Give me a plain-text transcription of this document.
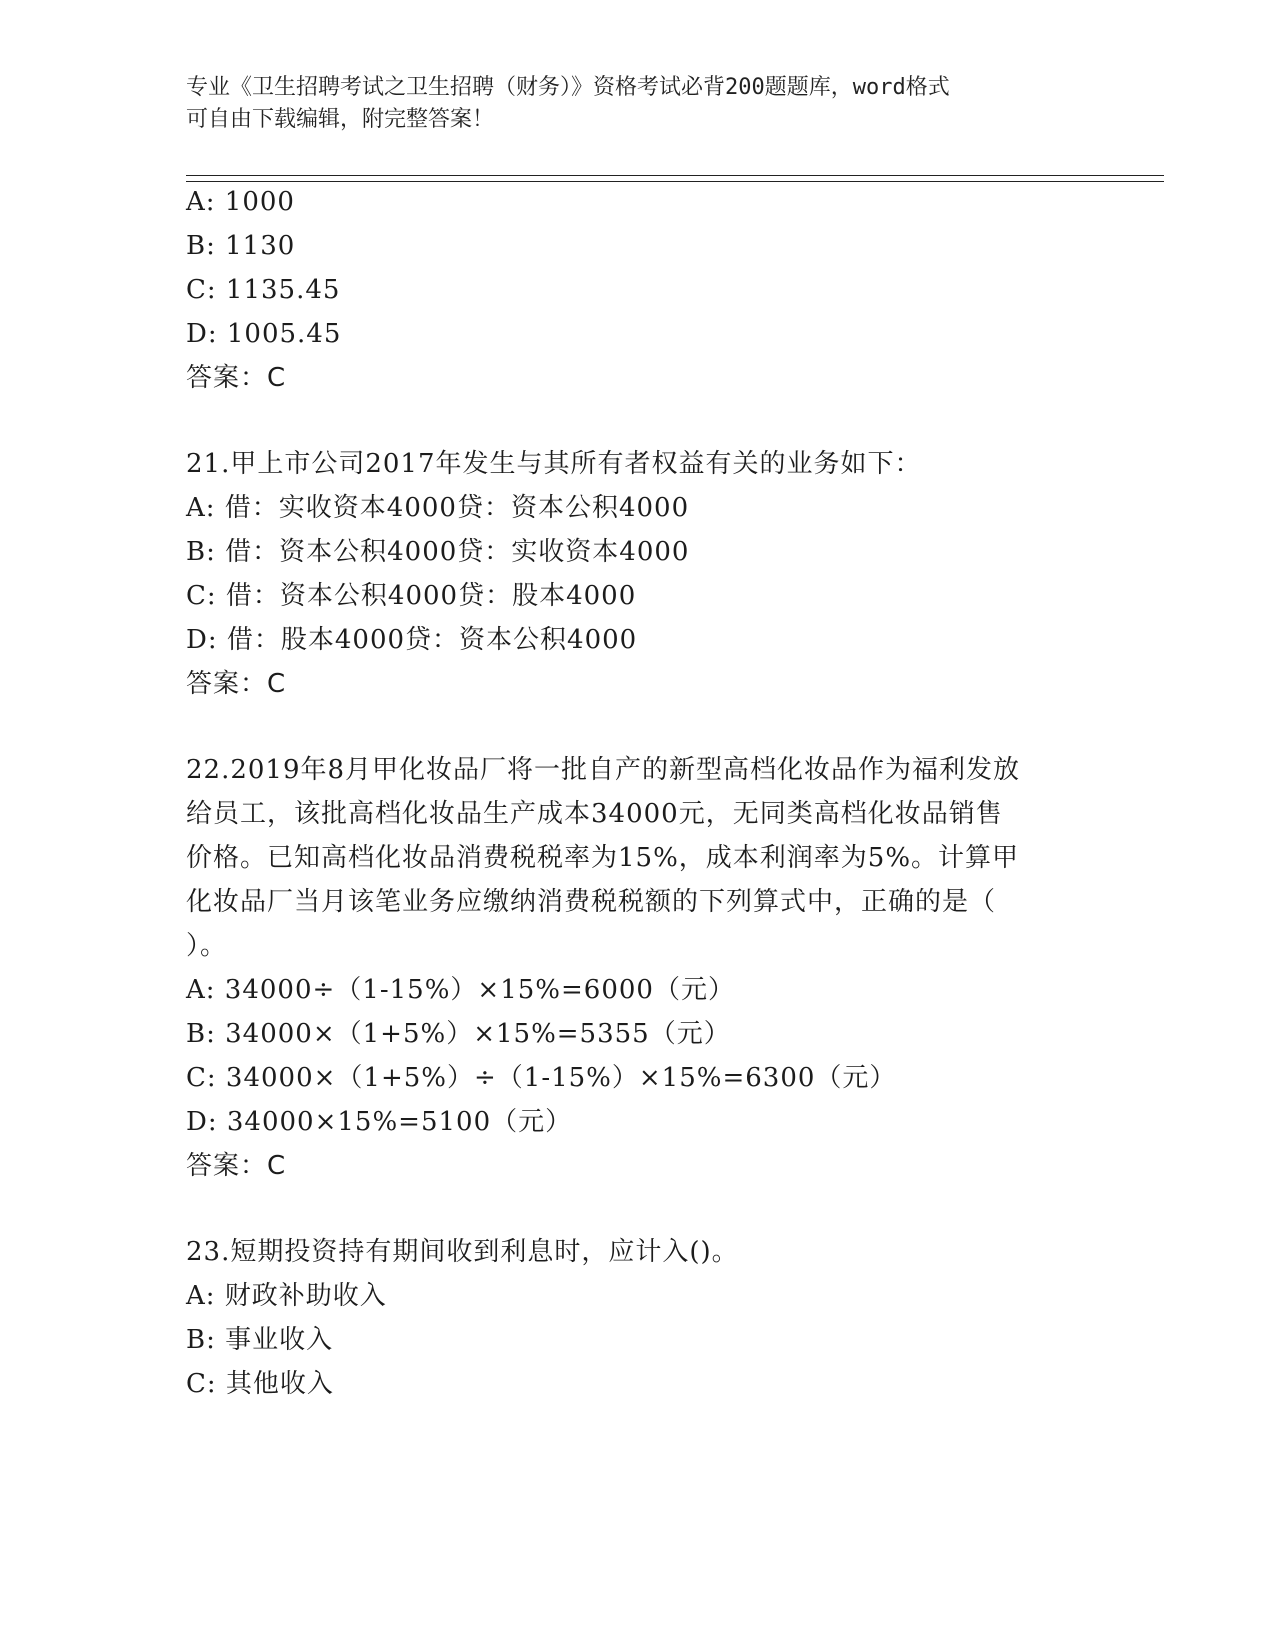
专业《卫生招聘考试之卫生招聘（财务）》资格考试必背200题题库，word格式
可自由下载编辑，附完整答案！
A: 1000
B: 1130
C: 1135.45
D: 1005.45
答案：C
21.甲上市公司2017年发生与其所有者权益有关的业务如下：
A: 借：实收资本4000贷：资本公积4000
B: 借：资本公积4000贷：实收资本4000
C: 借：资本公积4000贷：股本4000
D: 借：股本4000贷：资本公积4000
答案：C
22.2019年8月甲化妆品厂将一批自产的新型高档化妆品作为福利发放
给员工，该批高档化妆品生产成本34000元，无同类高档化妆品销售
价格。已知高档化妆品消费税税率为15%，成本利润率为5%。计算甲
化妆品厂当月该笔业务应缴纳消费税税额的下列算式中，正确的是（
）。
A: 34000÷（1-15%）×15%=6000（元）
B: 34000×（1+5%）×15%=5355（元）
C: 34000×（1+5%）÷（1-15%）×15%=6300（元）
D: 34000×15%=5100（元）
答案：C
23.短期投资持有期间收到利息时，应计入()。
A: 财政补助收入
B: 事业收入
C: 其他收入
